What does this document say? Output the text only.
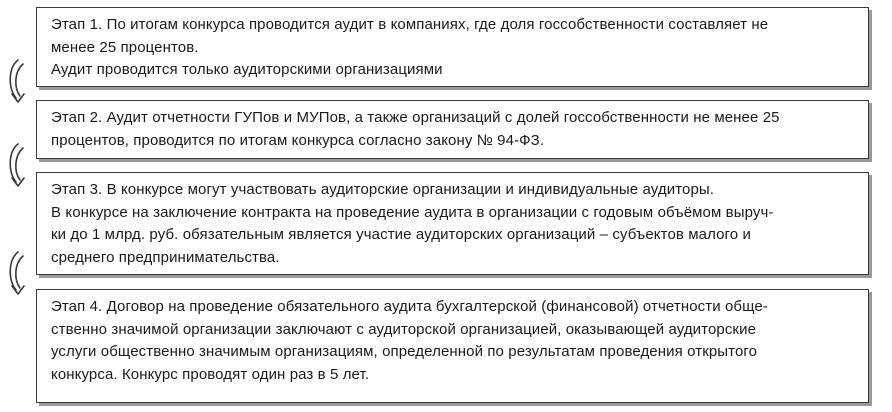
Этап 1. По итогам конкурса проводится аудит в компаниях, где доля госсобственности составляет не
менее 25 процентов.
Аудит проводится только аудиторскими организациями
Этап 2. Аудит отчетности ГУПов и МУПов, а также организаций с долей госсобственности не менее 25
процентов, проводится по итогам конкурса согласно закону № 94-ФЗ.
Этап 3. В конкурсе могут участвовать аудиторские организации и индивидуальные аудиторы.
В конкурсе на заключение контракта на проведение аудита в организации с годовым объёмом выруч-
ки до 1 млрд. руб. обязательным является участие аудиторских организаций – субъектов малого и
среднего предпринимательства.
Этап 4. Договор на проведение обязательного аудита бухгалтерской (финансовой) отчетности обще-
ственно значимой организации заключают с аудиторской организацией, оказывающей аудиторские
услуги общественно значимым организациям, определенной по результатам проведения открытого
конкурса. Конкурс проводят один раз в 5 лет.
